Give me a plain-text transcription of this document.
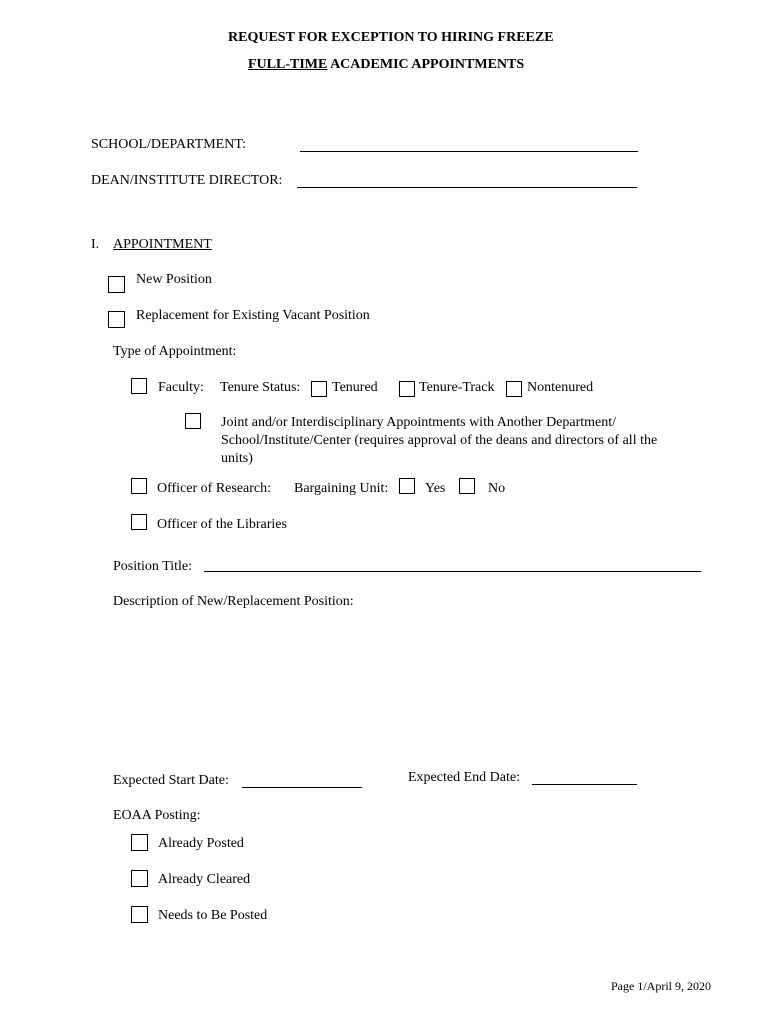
REQUEST FOR EXCEPTION TO HIRING FREEZE
FULL-TIME ACADEMIC APPOINTMENTS
SCHOOL/DEPARTMENT:
DEAN/INSTITUTE DIRECTOR:
I. APPOINTMENT
New Position
Replacement for Existing Vacant Position
Type of Appointment:
Faculty: Tenure Status: Tenured	Tenure-Track Nontenured
Joint and/or Interdisciplinary Appointments with Another Department/ School/Institute/Center (requires approval of the deans and directors of all the units)
Officer of Research: Bargaining Unit:	Yes	No
Officer of the Libraries
Position Title:
Description of New/Replacement Position:
Expected Start Date:	Expected End Date:
EOAA Posting:
Already Posted
Already Cleared
Needs to Be Posted
Page 1/April 9, 2020
